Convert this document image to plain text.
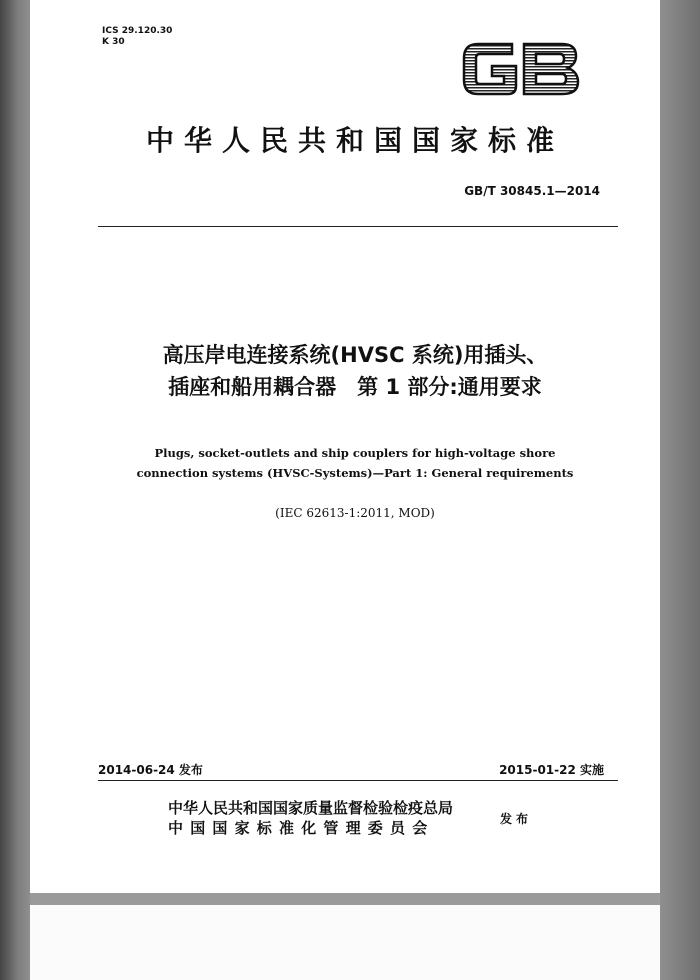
ICS 29.120.30
K 30
中华人民共和国国家标准
GB/T 30845.1—2014
高压岸电连接系统(HVSC 系统)用插头、
插座和船用耦合器　第 1 部分:通用要求
Plugs, socket-outlets and ship couplers for high-voltage shore
connection systems (HVSC-Systems)—Part 1: General requirements
(IEC 62613-1:2011, MOD)
2014-06-24 发布	2015-01-22 实施
中华人民共和国国家质量监督检验检疫总局
中国国家标准化管理委员会	发布
